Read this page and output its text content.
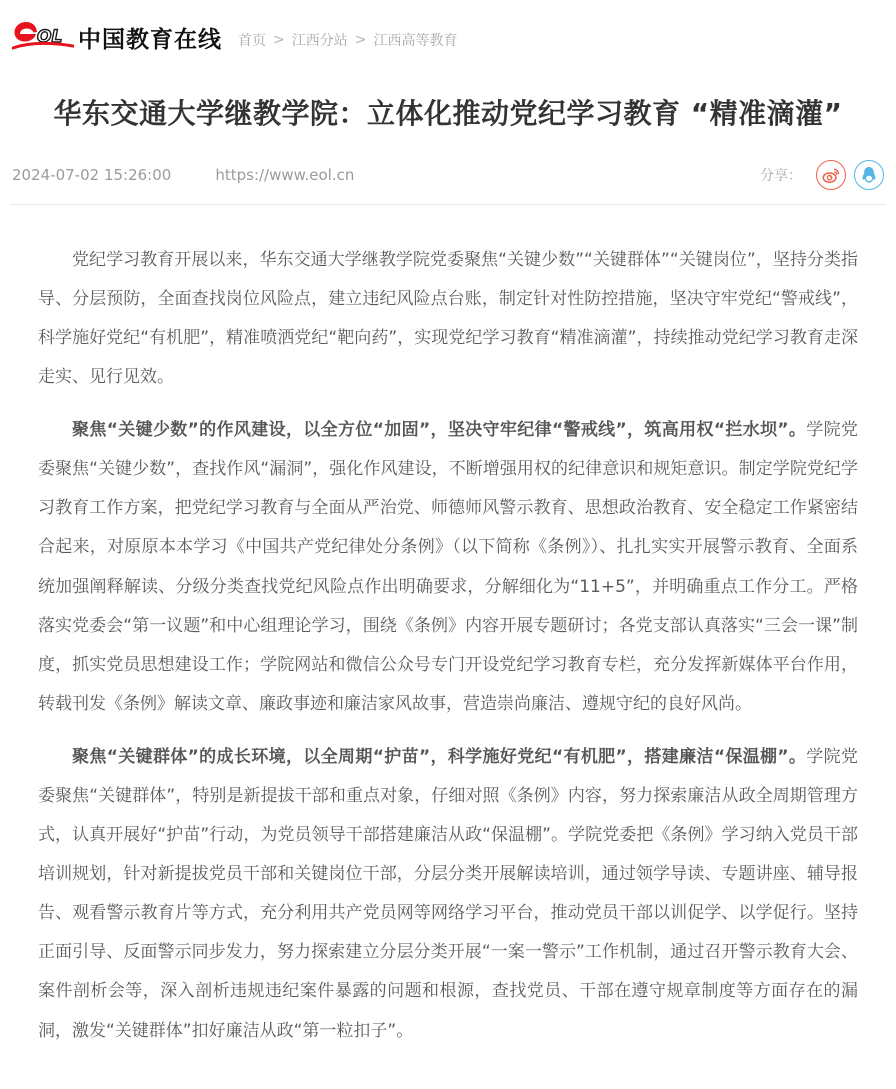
OL 中国教育在线 首页 > 江西分站 > 江西高等教育
华东交通大学继教学院：立体化推动党纪学习教育 “精准滴灌”
2024-07-02 15:26:00	https://www.eol.cn	分享：

党纪学习教育开展以来，华东交通大学继教学院党委聚焦“关键少数”“关键群体”“关键岗位”，坚持分类指导、分层预防，全面查找岗位风险点，建立违纪风险点台账，制定针对性防控措施，坚决守牢党纪“警戒线”，科学施好党纪“有机肥”，精准喷洒党纪“靶向药”，实现党纪学习教育“精准滴灌”，持续推动党纪学习教育走深走实、见行见效。

聚焦“关键少数”的作风建设，以全方位“加固”，坚决守牢纪律“警戒线”，筑高用权“拦水坝”。学院党委聚焦“关键少数”，查找作风“漏洞”，强化作风建设，不断增强用权的纪律意识和规矩意识。制定学院党纪学习教育工作方案，把党纪学习教育与全面从严治党、师德师风警示教育、思想政治教育、安全稳定工作紧密结合起来，对原原本本学习《中国共产党纪律处分条例》（以下简称《条例》）、扎扎实实开展警示教育、全面系统加强阐释解读、分级分类查找党纪风险点作出明确要求，分解细化为“11+5”，并明确重点工作分工。严格落实党委会“第一议题”和中心组理论学习，围绕《条例》内容开展专题研讨；各党支部认真落实“三会一课”制度，抓实党员思想建设工作；学院网站和微信公众号专门开设党纪学习教育专栏，充分发挥新媒体平台作用，转载刊发《条例》解读文章、廉政事迹和廉洁家风故事，营造崇尚廉洁、遵规守纪的良好风尚。

聚焦“关键群体”的成长环境，以全周期“护苗”，科学施好党纪“有机肥”，搭建廉洁“保温棚”。学院党委聚焦“关键群体”，特别是新提拔干部和重点对象，仔细对照《条例》内容，努力探索廉洁从政全周期管理方式，认真开展好“护苗”行动，为党员领导干部搭建廉洁从政“保温棚”。学院党委把《条例》学习纳入党员干部培训规划，针对新提拔党员干部和关键岗位干部，分层分类开展解读培训，通过领学导读、专题讲座、辅导报告、观看警示教育片等方式，充分利用共产党员网等网络学习平台，推动党员干部以训促学、以学促行。坚持正面引导、反面警示同步发力，努力探索建立分层分类开展“一案一警示”工作机制，通过召开警示教育大会、案件剖析会等，深入剖析违规违纪案件暴露的问题和根源，查找党员、干部在遵守规章制度等方面存在的漏洞，激发“关键群体”扣好廉洁从政“第一粒扣子”。
